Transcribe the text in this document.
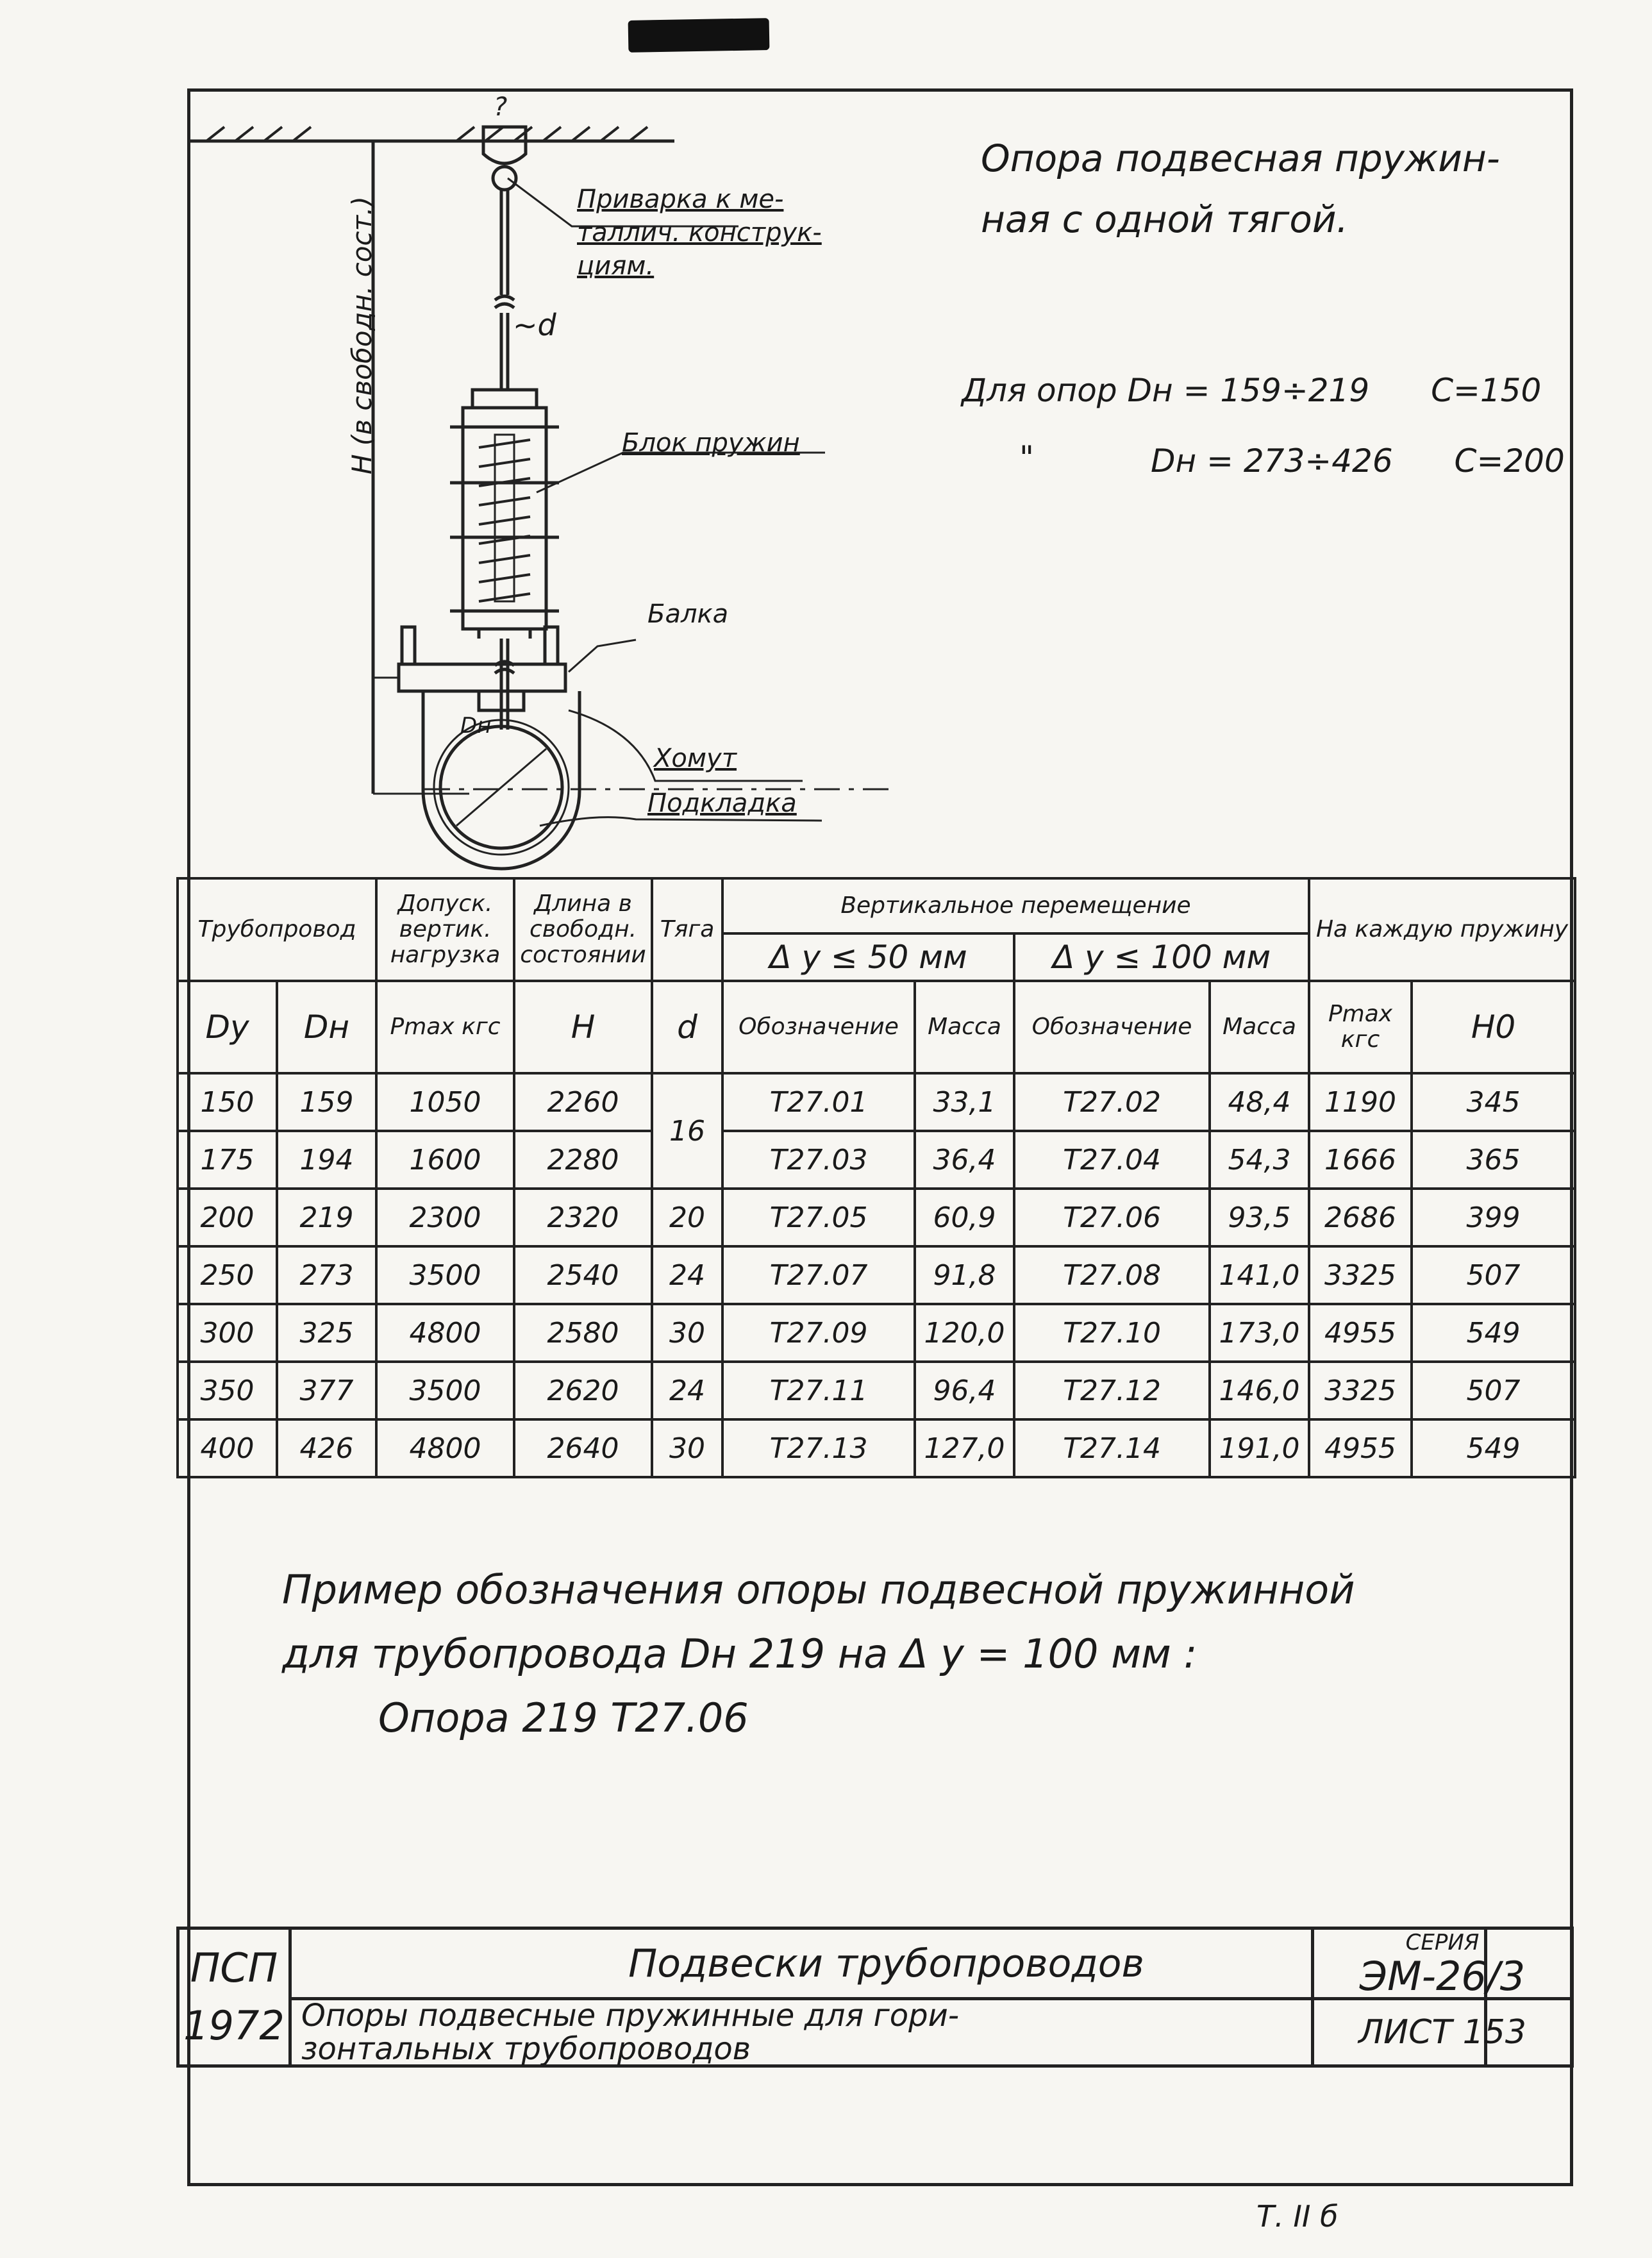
?
Приварка к ме-
таллич. конструк-
циям.
~d
H (в свободн. сост.)	Блок пружин
Балка
Dн
Хомут
Подкладка
Опора подвесная пружин-
ная с одной тягой.
Для опор Dн = 159÷219 C=150
"	Dн = 273÷426 C=200
Трубопровод		Допуск. вертик. нагрузка	Длина в свободн. состоянии	Тяга	Вертикальное перемещение				На каждую пружину	
					Δ y ≤ 50 мм		Δ y ≤ 100 мм			
Dу	Dн	Pmax кгс	H	d	Обозначение	Масса	Обозначение	Масса	Pmax кгс	H0
150	159	1050	2260	16	T27.01	33,1	T27.02	48,4	1190	345
175	194	1600	2280		T27.03	36,4	T27.04	54,3	1666	365
200	219	2300	2320	20	T27.05	60,9	T27.06	93,5	2686	399
250	273	3500	2540	24	T27.07	91,8	T27.08	141,0	3325	507
300	325	4800	2580	30	T27.09	120,0	T27.10	173,0	4955	549
350	377	3500	2620	24	T27.11	96,4	T27.12	146,0	3325	507
400	426	4800	2640	30	T27.13	127,0	T27.14	191,0	4955	549
Пример обозначения опоры подвесной пружинной
для трубопровода Dн 219 на Δ y = 100 мм :
Опора 219 T27.06
ПСП
1972
Подвески трубопроводов
Опоры подвесные пружинные для гори-
зонтальных трубопроводов
СЕРИЯ
ЭМ-26/3
ЛИСТ 153
Т. II б
